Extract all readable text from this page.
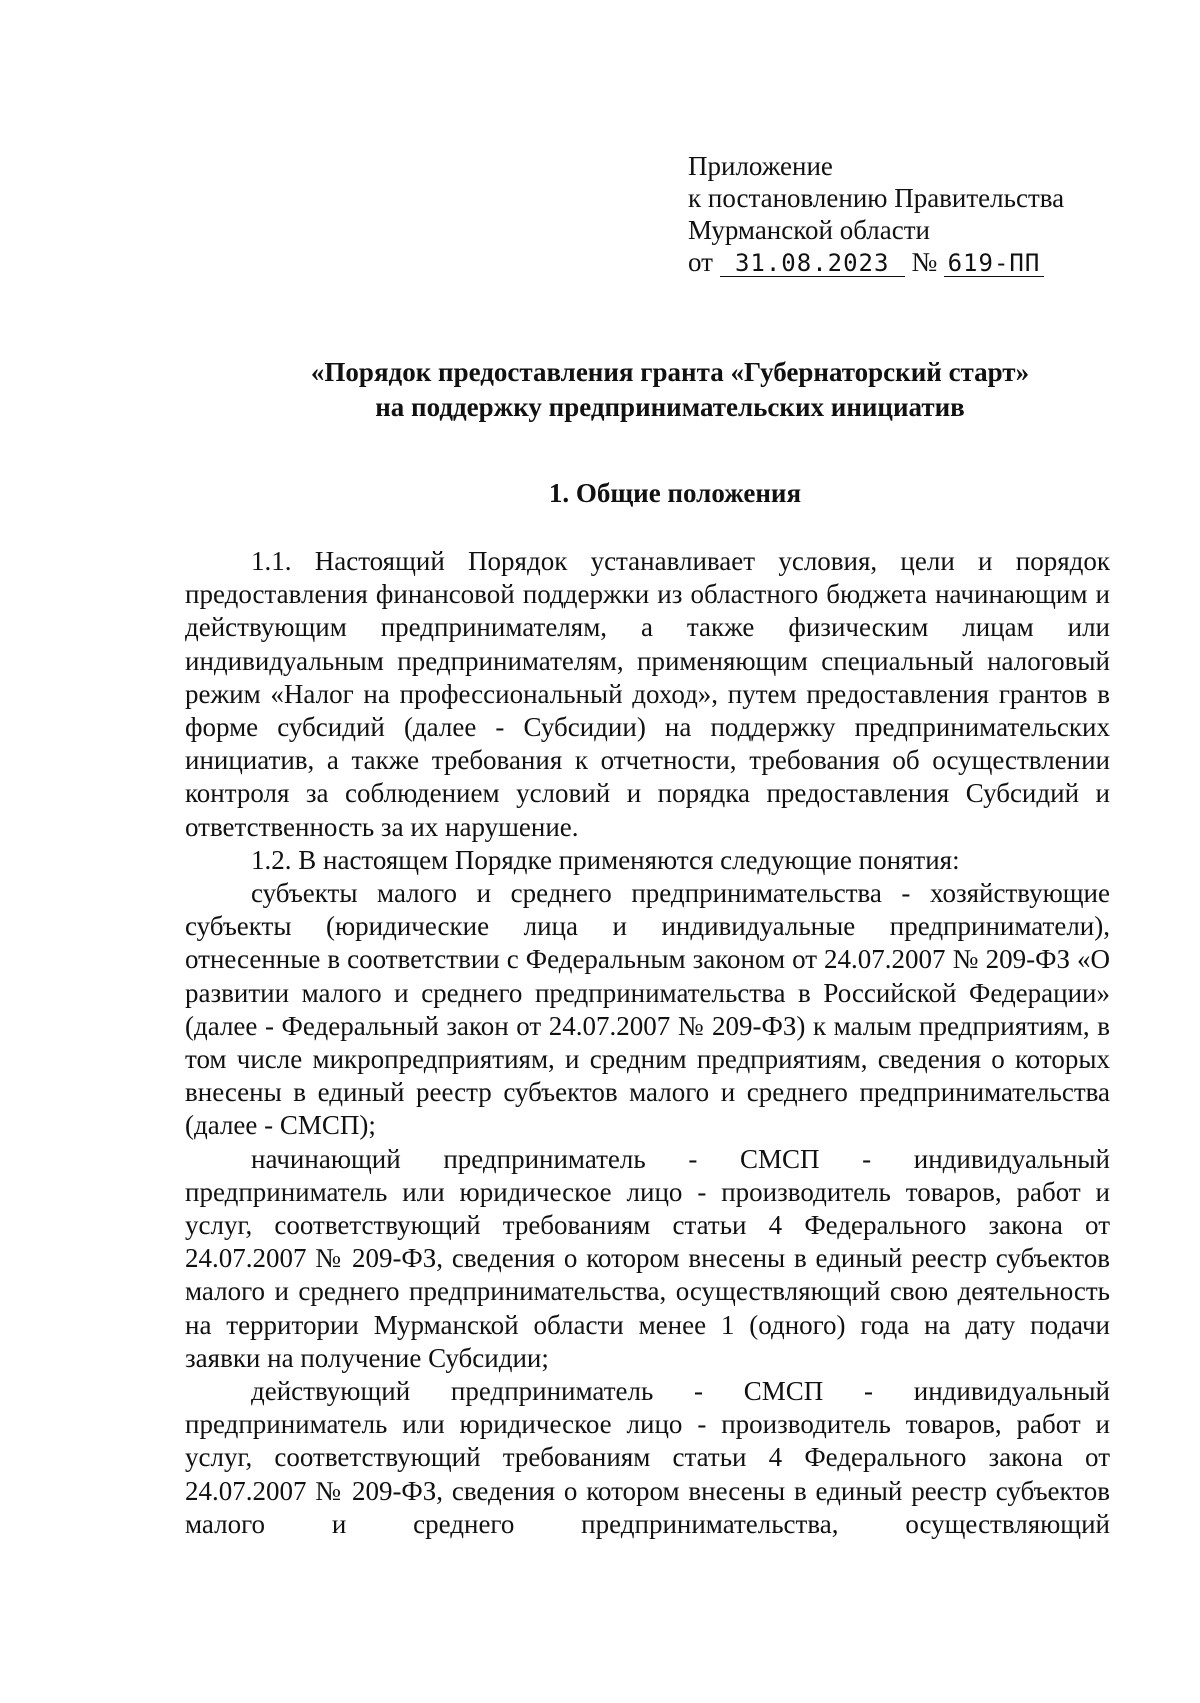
Приложение
к постановлению Правительства
Мурманской области
от 31.08.2023 № 619-ПП
«Порядок предоставления гранта «Губернаторский старт»
на поддержку предпринимательских инициатив
1. Общие положения

1.1. Настоящий Порядок устанавливает условия, цели и порядок предоставления финансовой поддержки из областного бюджета начинающим и действующим предпринимателям, а также физическим лицам или индивидуальным предпринимателям, применяющим специальный налоговый режим «Налог на профессиональный доход», путем предоставления грантов в форме субсидий (далее - Субсидии) на поддержку предпринимательских инициатив, а также требования к отчетности, требования об осуществлении контроля за соблюдением условий и порядка предоставления Субсидий и ответственность за их нарушение.

1.2. В настоящем Порядке применяются следующие понятия:

субъекты малого и среднего предпринимательства - хозяйствующие субъекты (юридические лица и индивидуальные предприниматели), отнесенные в соответствии с Федеральным законом от 24.07.2007 № 209-ФЗ «О развитии малого и среднего предпринимательства в Российской Федерации» (далее - Федеральный закон от 24.07.2007 № 209-ФЗ) к малым предприятиям, в том числе микропредприятиям, и средним предприятиям, сведения о которых внесены в единый реестр субъектов малого и среднего предпринимательства (далее - СМСП);

начинающий предприниматель - СМСП - индивидуальный предприниматель или юридическое лицо - производитель товаров, работ и услуг, соответствующий требованиям статьи 4 Федерального закона от 24.07.2007 № 209-ФЗ, сведения о котором внесены в единый реестр субъектов малого и среднего предпринимательства, осуществляющий свою деятельность на территории Мурманской области менее 1 (одного) года на дату подачи заявки на получение Субсидии;

действующий предприниматель - СМСП - индивидуальный предприниматель или юридическое лицо - производитель товаров, работ и услуг, соответствующий требованиям статьи 4 Федерального закона от 24.07.2007 № 209-ФЗ, сведения о котором внесены в единый реестр субъектов малого и среднего предпринимательства, осуществляющий
